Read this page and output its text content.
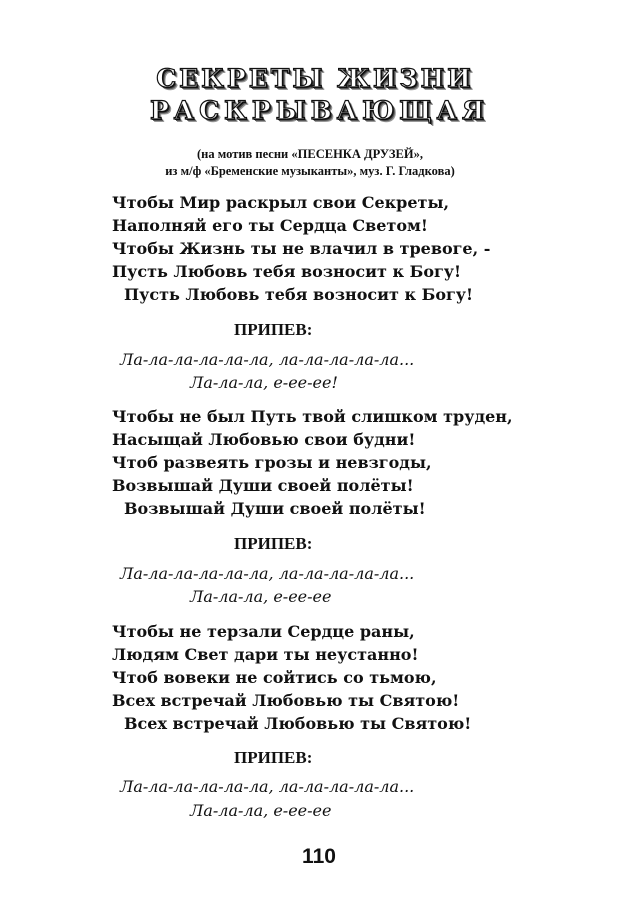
СЕКРЕТЫ ЖИЗНИ
РАСКРЫВАЮЩАЯ
(на мотив песни «ПЕСЕНКА ДРУЗЕЙ»,
из м/ф «Бременские музыканты», муз. Г. Гладкова)
Чтобы Мир раскрыл свои Секреты,
Наполняй его ты Сердца Светом!
Чтобы Жизнь ты не влачил в тревоге, -
Пусть Любовь тебя возносит к Богу!
Пусть Любовь тебя возносит к Богу!
ПРИПЕВ:
Ла-ла-ла-ла-ла-ла, ла-ла-ла-ла-ла...
Ла-ла-ла, е-ее-ее!
Чтобы не был Путь твой слишком труден,
Насыщай Любовью свои будни!
Чтоб развеять грозы и невзгоды,
Возвышай Души своей полёты!
Возвышай Души своей полёты!
ПРИПЕВ:
Ла-ла-ла-ла-ла-ла, ла-ла-ла-ла-ла...
Ла-ла-ла, е-ее-ее
Чтобы не терзали Сердце раны,
Людям Свет дари ты неустанно!
Чтоб вовеки не сойтись со тьмою,
Всех встречай Любовью ты Святою!
Всех встречай Любовью ты Святою!
ПРИПЕВ:
Ла-ла-ла-ла-ла-ла, ла-ла-ла-ла-ла...
Ла-ла-ла, е-ее-ее
110
